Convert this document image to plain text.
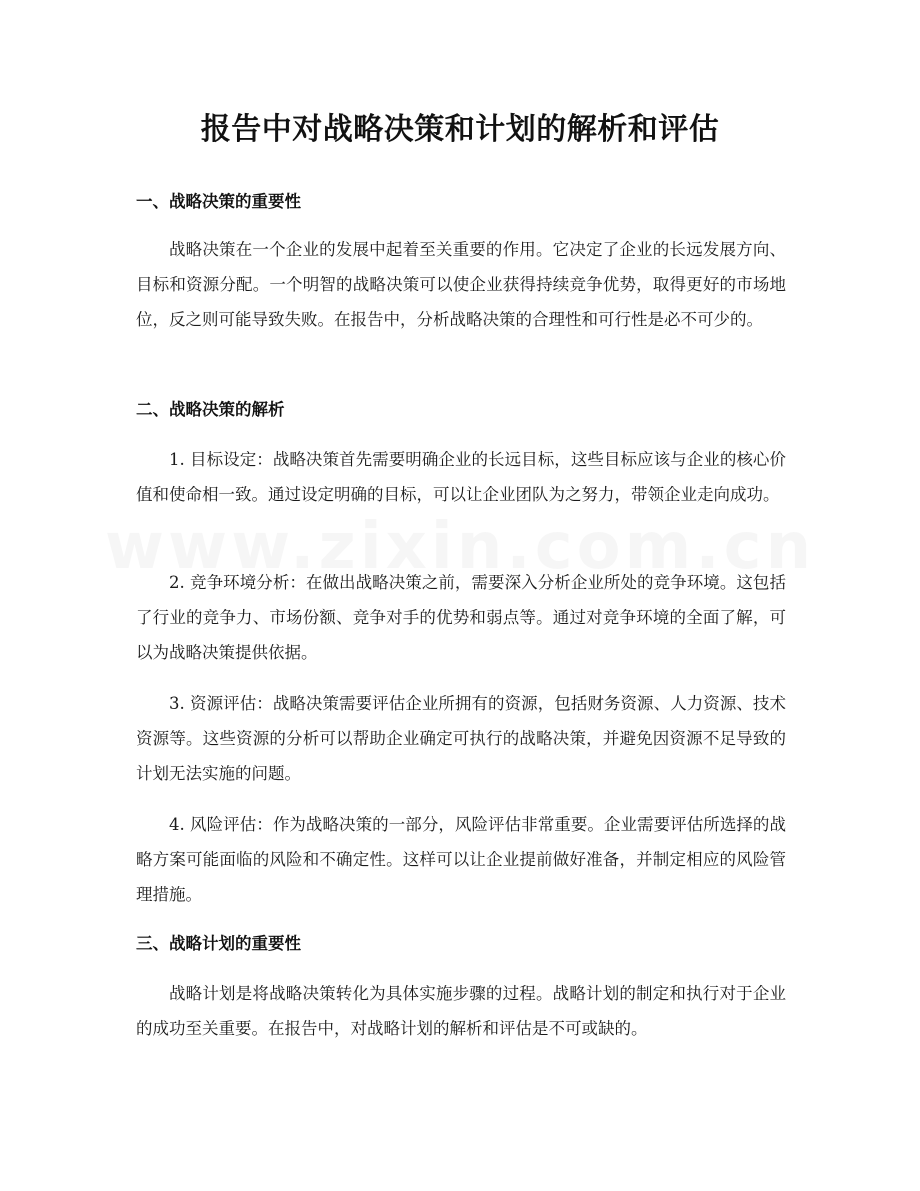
报告中对战略决策和计划的解析和评估
一、战略决策的重要性

战略决策在一个企业的发展中起着至关重要的作用。它决定了企业的长远发展方向、目标和资源分配。一个明智的战略决策可以使企业获得持续竞争优势，取得更好的市场地位，反之则可能导致失败。在报告中，分析战略决策的合理性和可行性是必不可少的。

二、战略决策的解析

1. 目标设定：战略决策首先需要明确企业的长远目标，这些目标应该与企业的核心价值和使命相一致。通过设定明确的目标，可以让企业团队为之努力，带领企业走向成功。

2. 竞争环境分析：在做出战略决策之前，需要深入分析企业所处的竞争环境。这包括了行业的竞争力、市场份额、竞争对手的优势和弱点等。通过对竞争环境的全面了解，可以为战略决策提供依据。

3. 资源评估：战略决策需要评估企业所拥有的资源，包括财务资源、人力资源、技术资源等。这些资源的分析可以帮助企业确定可执行的战略决策，并避免因资源不足导致的计划无法实施的问题。

4. 风险评估：作为战略决策的一部分，风险评估非常重要。企业需要评估所选择的战略方案可能面临的风险和不确定性。这样可以让企业提前做好准备，并制定相应的风险管理措施。

三、战略计划的重要性

战略计划是将战略决策转化为具体实施步骤的过程。战略计划的制定和执行对于企业的成功至关重要。在报告中，对战略计划的解析和评估是不可或缺的。
